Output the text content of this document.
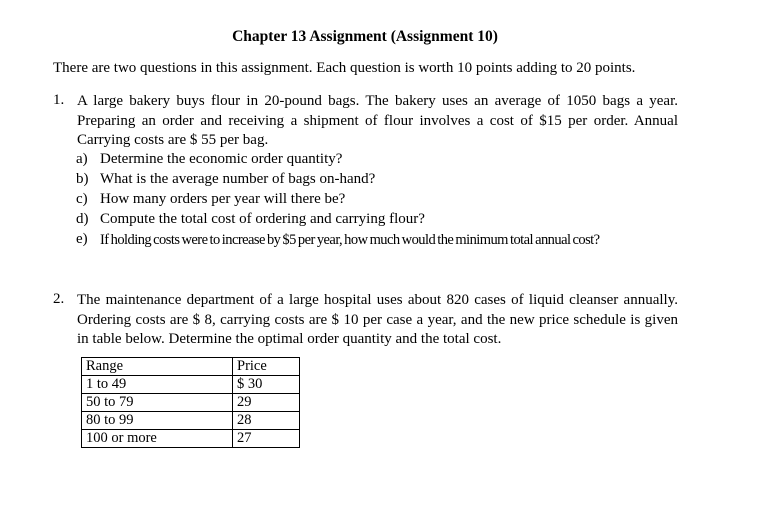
Chapter 13 Assignment (Assignment 10)
There are two questions in this assignment. Each question is worth 10 points adding to 20 points.
1. A large bakery buys flour in 20-pound bags. The bakery uses an average of 1050 bags a year. Preparing an order and receiving a shipment of flour involves a cost of $15 per order. Annual Carrying costs are $ 55 per bag.
a) Determine the economic order quantity?
b) What is the average number of bags on-hand?
c) How many orders per year will there be?
d) Compute the total cost of ordering and carrying flour?
e) If holding costs were to increase by $5 per year, how much would the minimum total annual cost?
2. The maintenance department of a large hospital uses about 820 cases of liquid cleanser annually. Ordering costs are $ 8, carrying costs are $ 10 per case a year, and the new price schedule is given in table below. Determine the optimal order quantity and the total cost.
Range	Price
1 to 49	$ 30
50 to 79	29
80 to 99	28
100 or more	27
